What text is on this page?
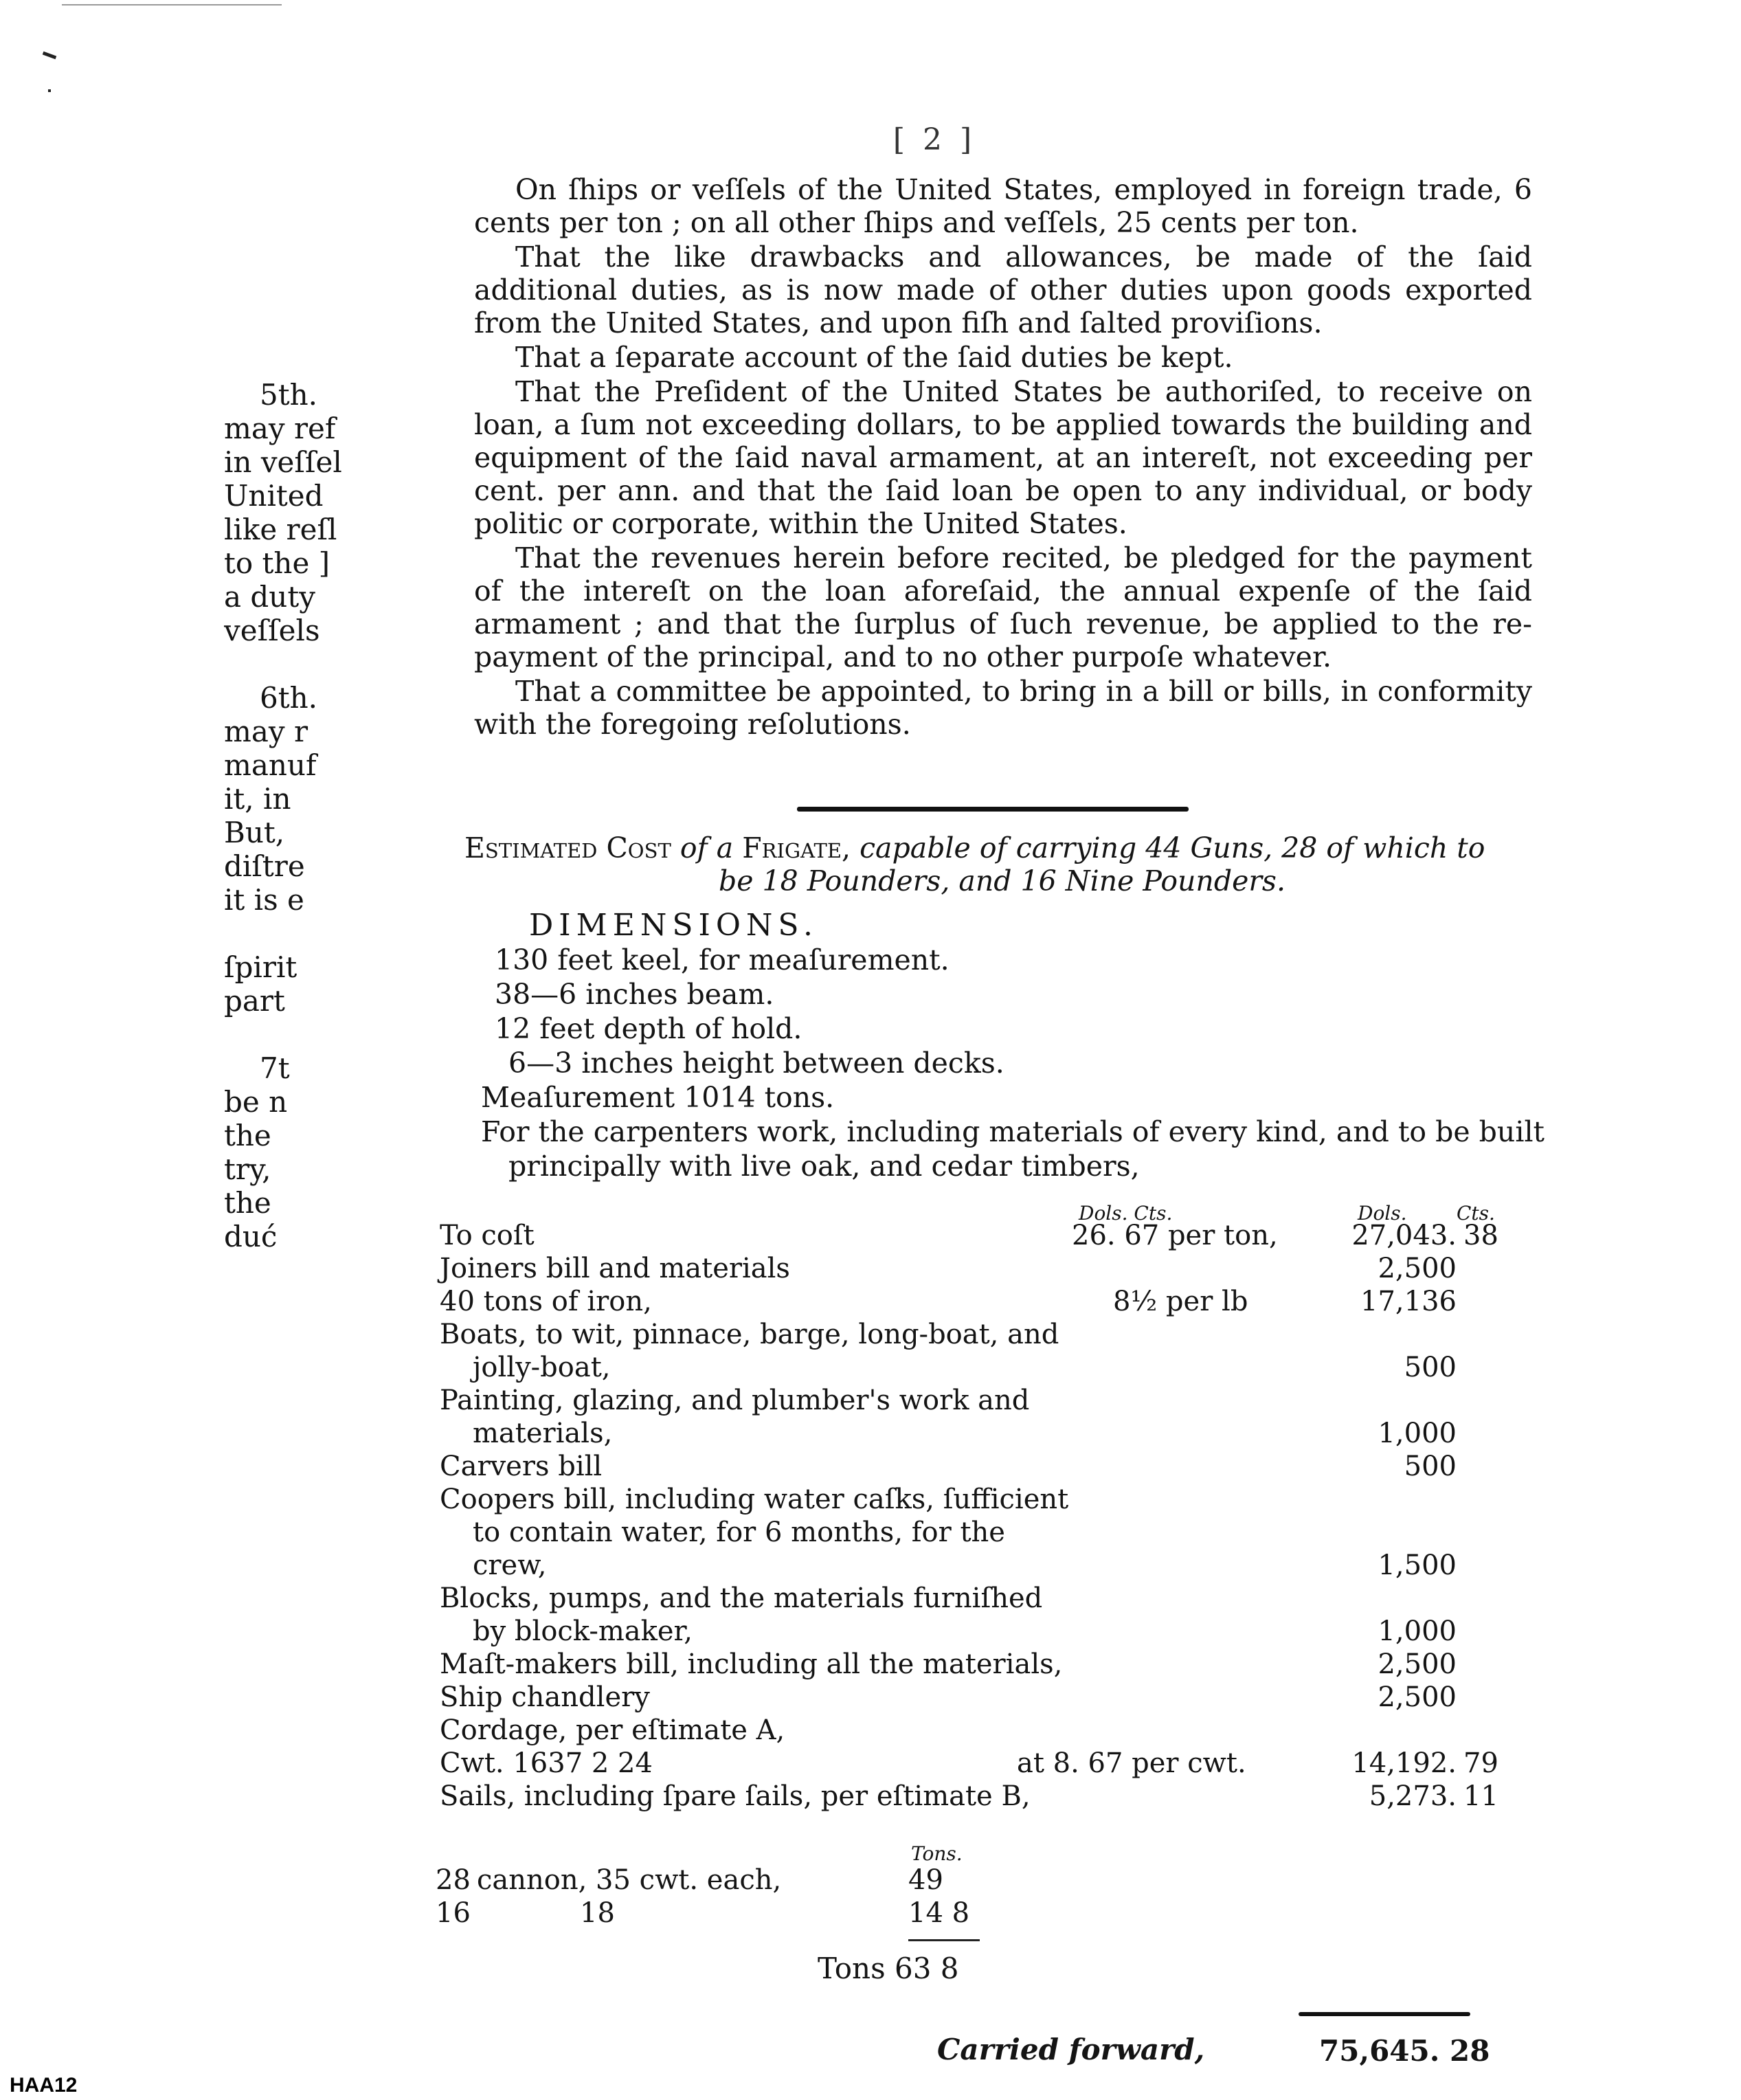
[ 2 ]
5th.
may ref
in veſſel
United
like reſl
to the ]
a duty
veſſels
6th.
may r
manuf
it, in
But,
diſtre
it is e
ſpirit
part
7t
be n
the
try,
the
duć

On ſhips or veſſels of the United States, employed in foreign trade, 6 cents per ton ; on all other ſhips and veſſels, 25 cents per ton.

That the like drawbacks and allowances, be made of the ſaid additional duties, as is now made of other duties upon goods exported from the United States, and upon fiſh and ſalted proviſions.

That a ſeparate account of the ſaid duties be kept.

That the Preſident of the United States be authoriſed, to receive on loan, a ſum not exceeding dollars, to be applied towards the building and equipment of the ſaid naval armament, at an intereſt, not exceeding per cent. per ann. and that the ſaid loan be open to any individual, or body politic or corporate, within the United States.

That the revenues herein before recited, be pledged for the payment of the intereſt on the loan aforeſaid, the annual expenſe of the ſaid armament ; and that the ſurplus of ſuch revenue, be applied to the re-payment of the principal, and to no other purpoſe whatever.

That a committee be appointed, to bring in a bill or bills, in conformity with the foregoing reſolutions.

Estimated Cost of a Frigate, capable of carrying 44 Guns, 28 of which to
be 18 Pounders, and 16 Nine Pounders.
DIMENSIONS.
130 feet keel, for meaſurement.
38—6 inches beam.
12 feet depth of hold.
6—3 inches height between decks.
Meaſurement 1014 tons.
For the carpenters work, including materials of every kind, and to be built
principally with live oak, and cedar timbers,
Dols. Cts.	Dols.	Cts.
To coſt	26. 67 per ton,	27,043. 38
Joiners bill and materials	2,500
40 tons of iron,	8½ per lb	17,136
Boats, to wit, pinnace, barge, long-boat, and
jolly-boat,	500
Painting, glazing, and plumber's work and
materials,	1,000
Carvers bill	500
Coopers bill, including water caſks, ſufficient
to contain water, for 6 months, for the
crew,	1,500
Blocks, pumps, and the materials furniſhed
by block-maker,	1,000
Maſt-makers bill, including all the materials,	2,500
Ship chandlery	2,500
Cordage, per eſtimate A,
Cwt. 1637 2 24	at 8. 67 per cwt.	14,192. 79
Sails, including ſpare ſails, per eſtimate B,	5,273. 11
Tons.
28 cannon, 35 cwt. each,	49
16	18	14 8
Tons 63 8
Carried forward,	75,645. 28
HAA12
